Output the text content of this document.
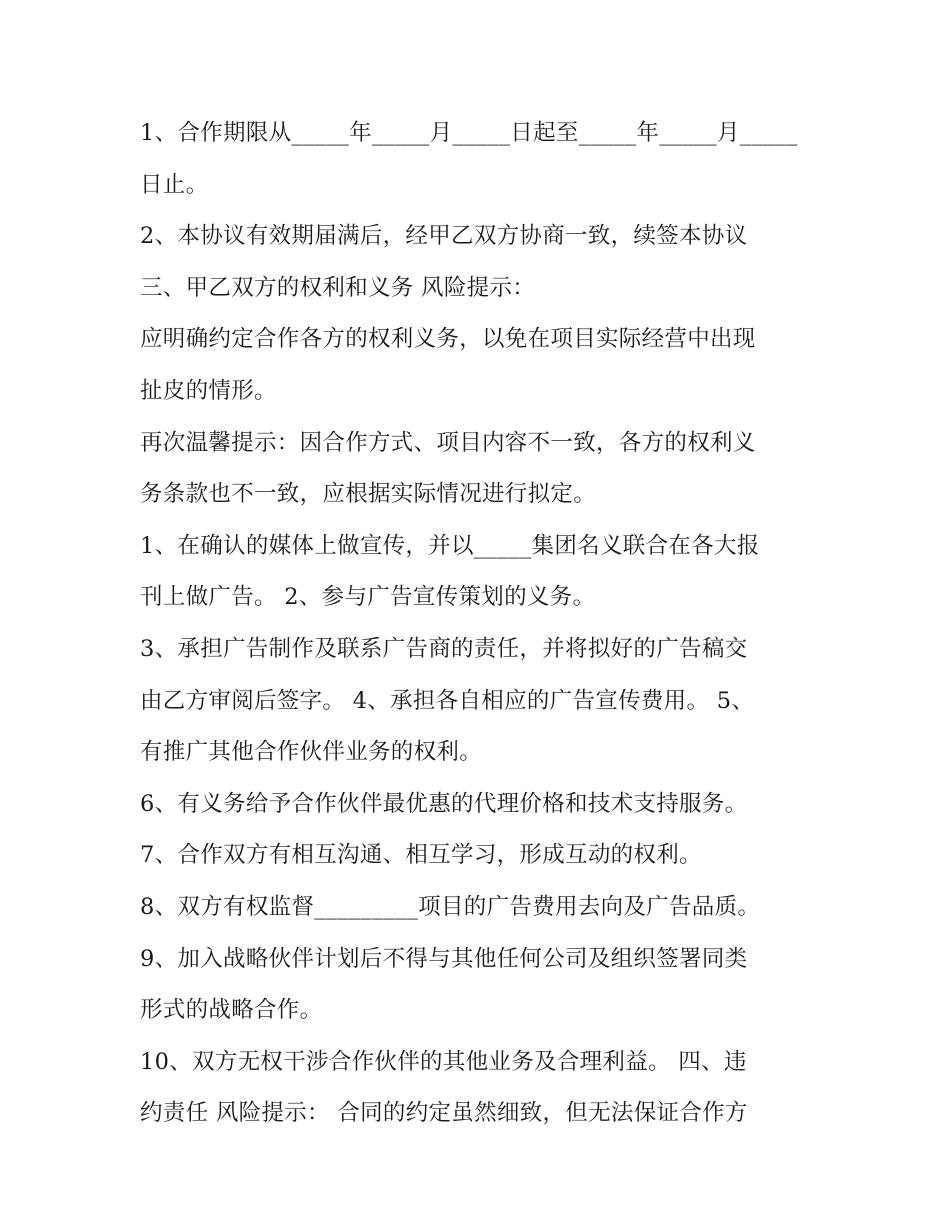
1、合作期限从_____年_____月_____日起至_____年_____月_____
日止。
2、本协议有效期届满后，经甲乙双方协商一致，续签本协议
三、甲乙双方的权利和义务 风险提示：
应明确约定合作各方的权利义务，以免在项目实际经营中出现
扯皮的情形。
再次温馨提示：因合作方式、项目内容不一致，各方的权利义
务条款也不一致，应根据实际情况进行拟定。
1、在确认的媒体上做宣传，并以_____集团名义联合在各大报
刊上做广告。 2、参与广告宣传策划的义务。
3、承担广告制作及联系广告商的责任，并将拟好的广告稿交
由乙方审阅后签字。 4、承担各自相应的广告宣传费用。 5、
有推广其他合作伙伴业务的权利。
6、有义务给予合作伙伴最优惠的代理价格和技术支持服务。
7、合作双方有相互沟通、相互学习，形成互动的权利。
8、双方有权监督_________项目的广告费用去向及广告品质。
9、加入战略伙伴计划后不得与其他任何公司及组织签署同类
形式的战略合作。
10、双方无权干涉合作伙伴的其他业务及合理利益。 四、违
约责任 风险提示： 合同的约定虽然细致，但无法保证合作方
